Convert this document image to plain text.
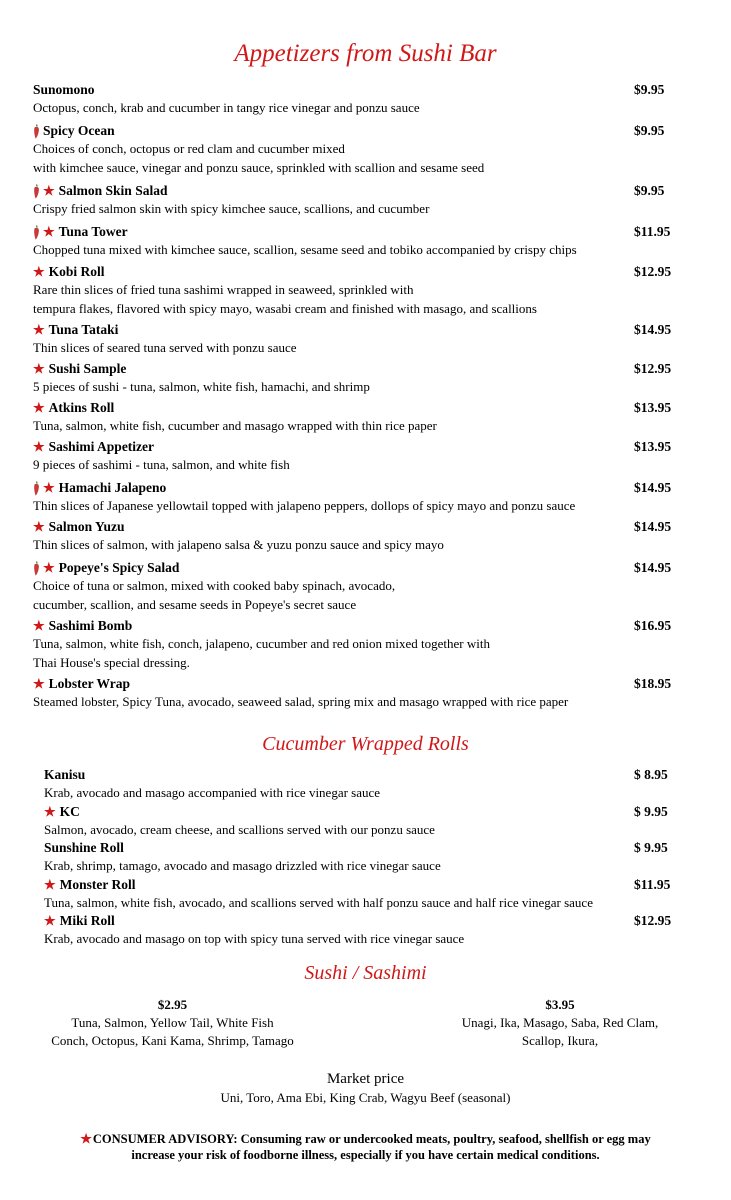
Appetizers from Sushi Bar
Sunomono	$9.95
Octopus, conch, krab and cucumber in tangy rice vinegar and ponzu sauce
Spicy Ocean	$9.95
Choices of conch, octopus or red clam and cucumber mixed
with kimchee sauce, vinegar and ponzu sauce, sprinkled with scallion and sesame seed
★ Salmon Skin Salad	$9.95
Crispy fried salmon skin with spicy kimchee sauce, scallions, and cucumber
★ Tuna Tower	$11.95
Chopped tuna mixed with kimchee sauce, scallion, sesame seed and tobiko accompanied by crispy chips
★ Kobi Roll	$12.95
Rare thin slices of fried tuna sashimi wrapped in seaweed, sprinkled with
tempura flakes, flavored with spicy mayo, wasabi cream and finished with masago, and scallions
★ Tuna Tataki	$14.95
Thin slices of seared tuna served with ponzu sauce
★ Sushi Sample	$12.95
5 pieces of sushi - tuna, salmon, white fish, hamachi, and shrimp
★ Atkins Roll	$13.95
Tuna, salmon, white fish, cucumber and masago wrapped with thin rice paper
★ Sashimi Appetizer	$13.95
9 pieces of sashimi - tuna, salmon, and white fish
★ Hamachi Jalapeno	$14.95
Thin slices of Japanese yellowtail topped with jalapeno peppers, dollops of spicy mayo and ponzu sauce
★ Salmon Yuzu	$14.95
Thin slices of salmon, with jalapeno salsa & yuzu ponzu sauce and spicy mayo
★ Popeye's Spicy Salad	$14.95
Choice of tuna or salmon, mixed with cooked baby spinach, avocado,
cucumber, scallion, and sesame seeds in Popeye's secret sauce
★ Sashimi Bomb	$16.95
Tuna, salmon, white fish, conch, jalapeno, cucumber and red onion mixed together with
Thai House's special dressing.
★ Lobster Wrap	$18.95
Steamed lobster, Spicy Tuna, avocado, seaweed salad, spring mix and masago wrapped with rice paper
Cucumber Wrapped Rolls
Kanisu	$ 8.95
Krab, avocado and masago accompanied with rice vinegar sauce
★ KC	$ 9.95
Salmon, avocado, cream cheese, and scallions served with our ponzu sauce
Sunshine Roll	$ 9.95
Krab, shrimp, tamago, avocado and masago drizzled with rice vinegar sauce
★ Monster Roll	$11.95
Tuna, salmon, white fish, avocado, and scallions served with half ponzu sauce and half rice vinegar sauce
★ Miki Roll	$12.95
Krab, avocado and masago on top with spicy tuna served with rice vinegar sauce
Sushi / Sashimi
$2.95
Tuna, Salmon, Yellow Tail, White Fish
Conch, Octopus, Kani Kama, Shrimp, Tamago
$3.95
Unagi, Ika, Masago, Saba, Red Clam,
Scallop, Ikura,
Market price
Uni, Toro, Ama Ebi, King Crab, Wagyu Beef (seasonal)
★CONSUMER ADVISORY: Consuming raw or undercooked meats, poultry, seafood, shellfish or egg may
increase your risk of foodborne illness, especially if you have certain medical conditions.
